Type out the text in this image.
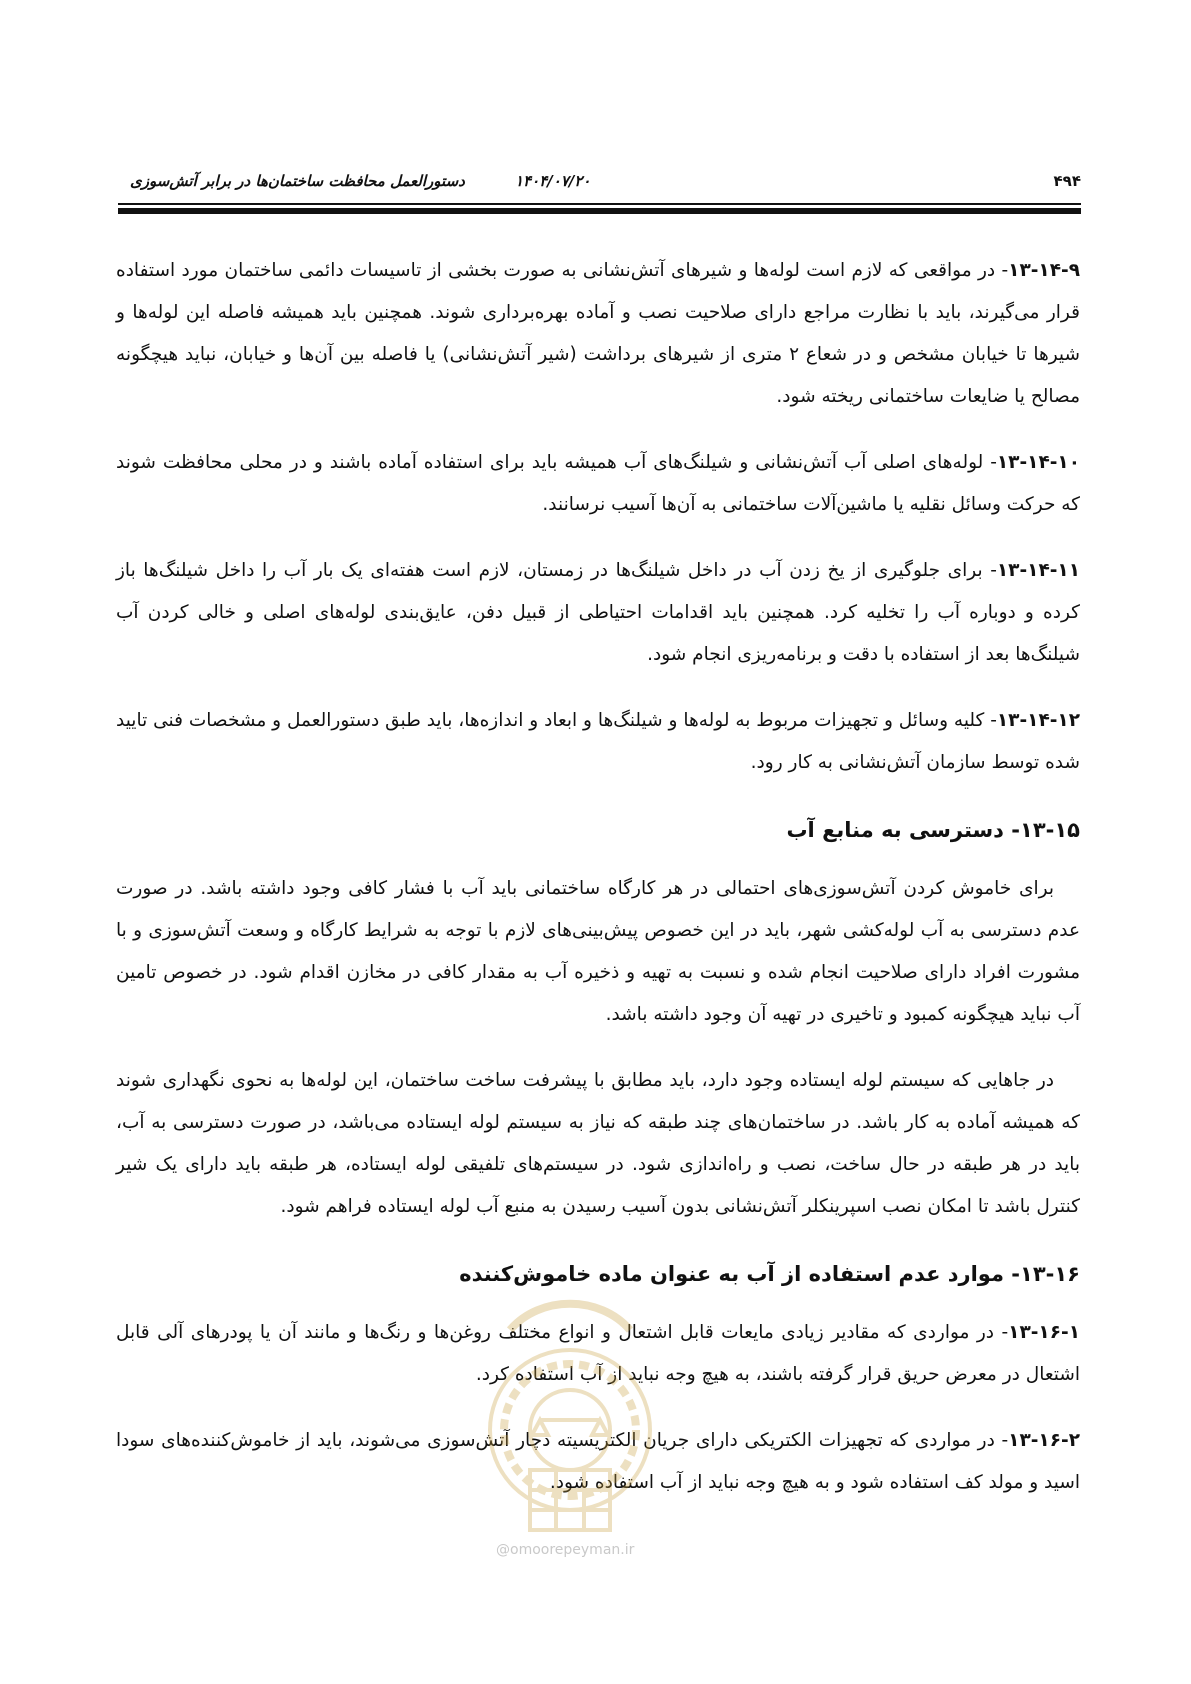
۴۹۴
۱۴۰۴/۰۷/۲۰
دستورالعمل محافظت ساختمان‌ها در برابر آتش‌سوزی

۱۳-۱۴-۹- در مواقعی که لازم است لوله‌ها و شیرهای آتش‌نشانی به صورت بخشی از تاسیسات دائمی ساختمان مورد استفاده قرار می‌گیرند، باید با نظارت مراجع دارای صلاحیت نصب و آماده بهره‌برداری شوند. همچنین باید همیشه فاصله این لوله‌ها و شیرها تا خیابان مشخص و در شعاع ۲ متری از شیرهای برداشت (شیر آتش‌نشانی) یا فاصله بین آن‌ها و خیابان، نباید هیچگونه مصالح یا ضایعات ساختمانی ریخته شود.

۱۳-۱۴-۱۰- لوله‌های اصلی آب آتش‌نشانی و شیلنگ‌های آب همیشه باید برای استفاده آماده باشند و در محلی محافظت شوند که حرکت وسائل نقلیه یا ماشین‌آلات ساختمانی به آن‌ها آسیب نرسانند.

۱۳-۱۴-۱۱- برای جلوگیری از یخ زدن آب در داخل شیلنگ‌ها در زمستان، لازم است هفته‌ای یک بار آب را داخل شیلنگ‌ها باز کرده و دوباره آب را تخلیه کرد. همچنین باید اقدامات احتیاطی از قبیل دفن، عایق‌بندی لوله‌های اصلی و خالی کردن آب شیلنگ‌ها بعد از استفاده با دقت و برنامه‌ریزی انجام شود.

۱۳-۱۴-۱۲- کلیه وسائل و تجهیزات مربوط به لوله‌ها و شیلنگ‌ها و ابعاد و اندازه‌ها، باید طبق دستورالعمل و مشخصات فنی تایید شده توسط سازمان آتش‌نشانی به کار رود.

۱۳-۱۵- دسترسی به منابع آب

برای خاموش کردن آتش‌سوزی‌های احتمالی در هر کارگاه ساختمانی باید آب با فشار کافی وجود داشته باشد. در صورت عدم دسترسی به آب لوله‌کشی شهر، باید در این خصوص پیش‌بینی‌های لازم با توجه به شرایط کارگاه و وسعت آتش‌سوزی و با مشورت افراد دارای صلاحیت انجام شده و نسبت به تهیه و ذخیره آب به مقدار کافی در مخازن اقدام شود. در خصوص تامین آب نباید هیچگونه کمبود و تاخیری در تهیه آن وجود داشته باشد.

در جاهایی که سیستم لوله ایستاده وجود دارد، باید مطابق با پیشرفت ساخت ساختمان، این لوله‌ها به نحوی نگهداری شوند که همیشه آماده به کار باشد. در ساختمان‌های چند طبقه که نیاز به سیستم لوله ایستاده می‌باشد، در صورت دسترسی به آب، باید در هر طبقه در حال ساخت، نصب و راه‌اندازی شود. در سیستم‌های تلفیقی لوله ایستاده، هر طبقه باید دارای یک شیر کنترل باشد تا امکان نصب اسپرینکلر آتش‌نشانی بدون آسیب رسیدن به منبع آب لوله ایستاده فراهم شود.

۱۳-۱۶- موارد عدم استفاده از آب به عنوان ماده خاموش‌کننده

۱۳-۱۶-۱- در مواردی که مقادیر زیادی مایعات قابل اشتعال و انواع مختلف روغن‌ها و رنگ‌ها و مانند آن یا پودرهای آلی قابل اشتعال در معرض حریق قرار گرفته باشند، به هیچ وجه نباید از آب استفاده کرد.

۱۳-۱۶-۲- در مواردی که تجهیزات الکتریکی دارای جریان الکتریسیته دچار آتش‌سوزی می‌شوند، باید از خاموش‌کننده‌های سودا اسید و مولد کف استفاده شود و به هیچ وجه نباید از آب استفاده شود.

@omoorepeyman.ir
